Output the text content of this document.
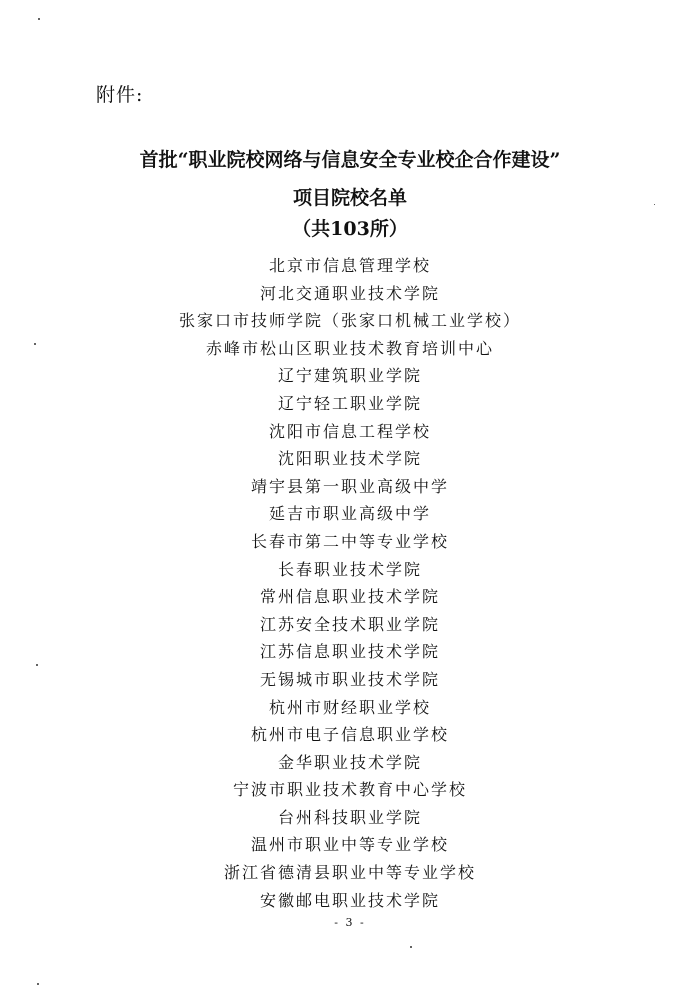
附件:
首批“职业院校网络与信息安全专业校企合作建设”
项目院校名单
（共103所）
北京市信息管理学校
河北交通职业技术学院
张家口市技师学院（张家口机械工业学校）
赤峰市松山区职业技术教育培训中心
辽宁建筑职业学院
辽宁轻工职业学院
沈阳市信息工程学校
沈阳职业技术学院
靖宇县第一职业高级中学
延吉市职业高级中学
长春市第二中等专业学校
长春职业技术学院
常州信息职业技术学院
江苏安全技术职业学院
江苏信息职业技术学院
无锡城市职业技术学院
杭州市财经职业学校
杭州市电子信息职业学校
金华职业技术学院
宁波市职业技术教育中心学校
台州科技职业学院
温州市职业中等专业学校
浙江省德清县职业中等专业学校
安徽邮电职业技术学院
- 3 -
